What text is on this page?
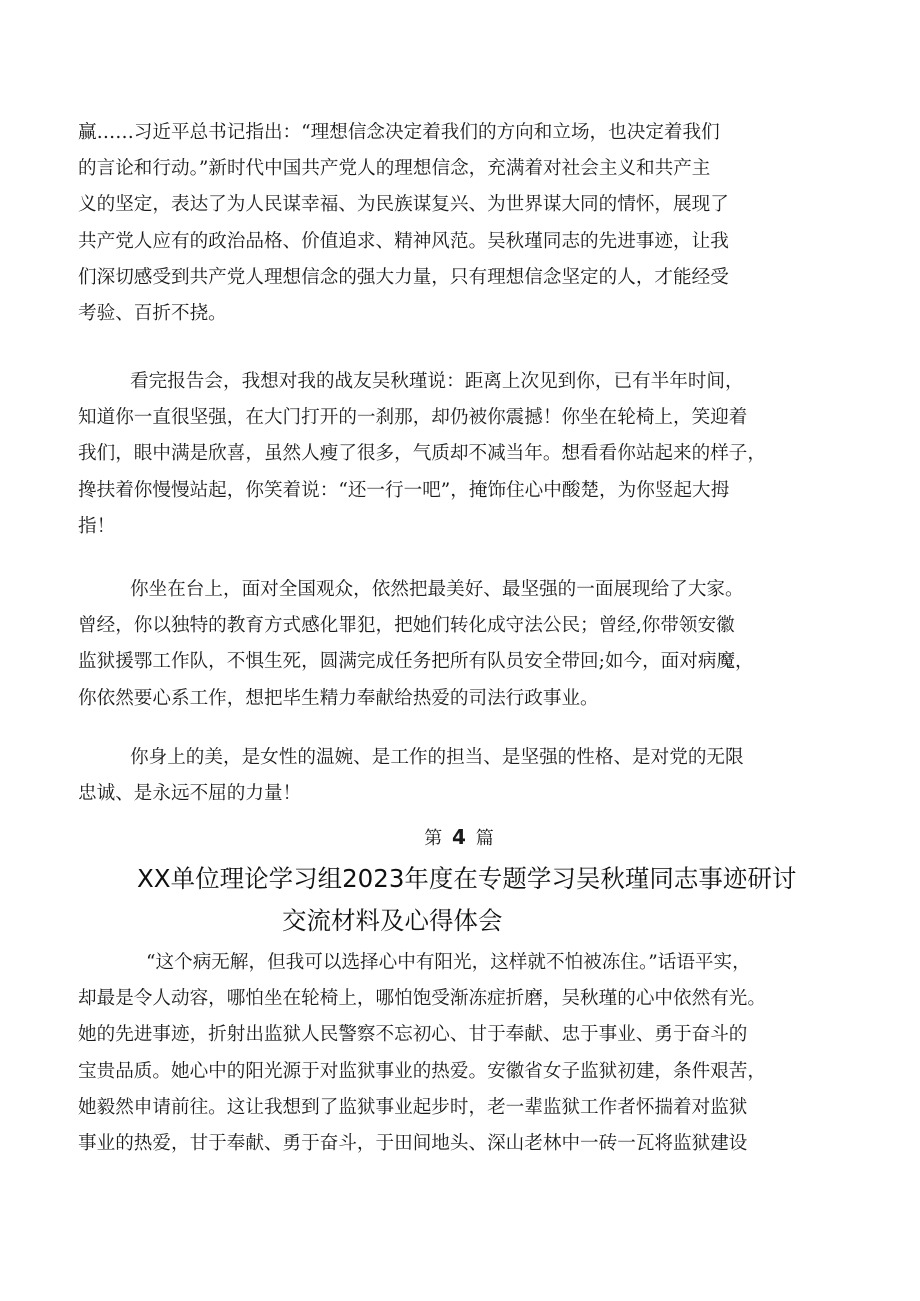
赢……习近平总书记指出：“理想信念决定着我们的方向和立场，也决定着我们
的言论和行动。”新时代中国共产党人的理想信念，充满着对社会主义和共产主
义的坚定，表达了为人民谋幸福、为民族谋复兴、为世界谋大同的情怀，展现了
共产党人应有的政治品格、价值追求、精神风范。吴秋瑾同志的先进事迹，让我
们深切感受到共产党人理想信念的强大力量，只有理想信念坚定的人，才能经受
考验、百折不挠。
看完报告会，我想对我的战友吴秋瑾说：距离上次见到你，已有半年时间，
知道你一直很坚强，在大门打开的一刹那，却仍被你震撼！你坐在轮椅上，笑迎着
我们，眼中满是欣喜，虽然人瘦了很多，气质却不减当年。想看看你站起来的样子，
搀扶着你慢慢站起，你笑着说：“还一行一吧”，掩饰住心中酸楚，为你竖起大拇
指！
你坐在台上，面对全国观众，依然把最美好、最坚强的一面展现给了大家。
曾经，你以独特的教育方式感化罪犯，把她们转化成守法公民；曾经,你带领安徽
监狱援鄂工作队，不惧生死，圆满完成任务把所有队员安全带回;如今，面对病魔，
你依然要心系工作，想把毕生精力奉献给热爱的司法行政事业。
你身上的美，是女性的温婉、是工作的担当、是坚强的性格、是对党的无限
忠诚、是永远不屈的力量！
第 4 篇
XX单位理论学习组2023年度在专题学习吴秋瑾同志事迹研讨
交流材料及心得体会
“这个病无解，但我可以选择心中有阳光，这样就不怕被冻住。”话语平实，
却最是令人动容，哪怕坐在轮椅上，哪怕饱受渐冻症折磨，吴秋瑾的心中依然有光。
她的先进事迹，折射出监狱人民警察不忘初心、甘于奉献、忠于事业、勇于奋斗的
宝贵品质。她心中的阳光源于对监狱事业的热爱。安徽省女子监狱初建，条件艰苦，
她毅然申请前往。这让我想到了监狱事业起步时，老一辈监狱工作者怀揣着对监狱
事业的热爱，甘于奉献、勇于奋斗，于田间地头、深山老林中一砖一瓦将监狱建设
